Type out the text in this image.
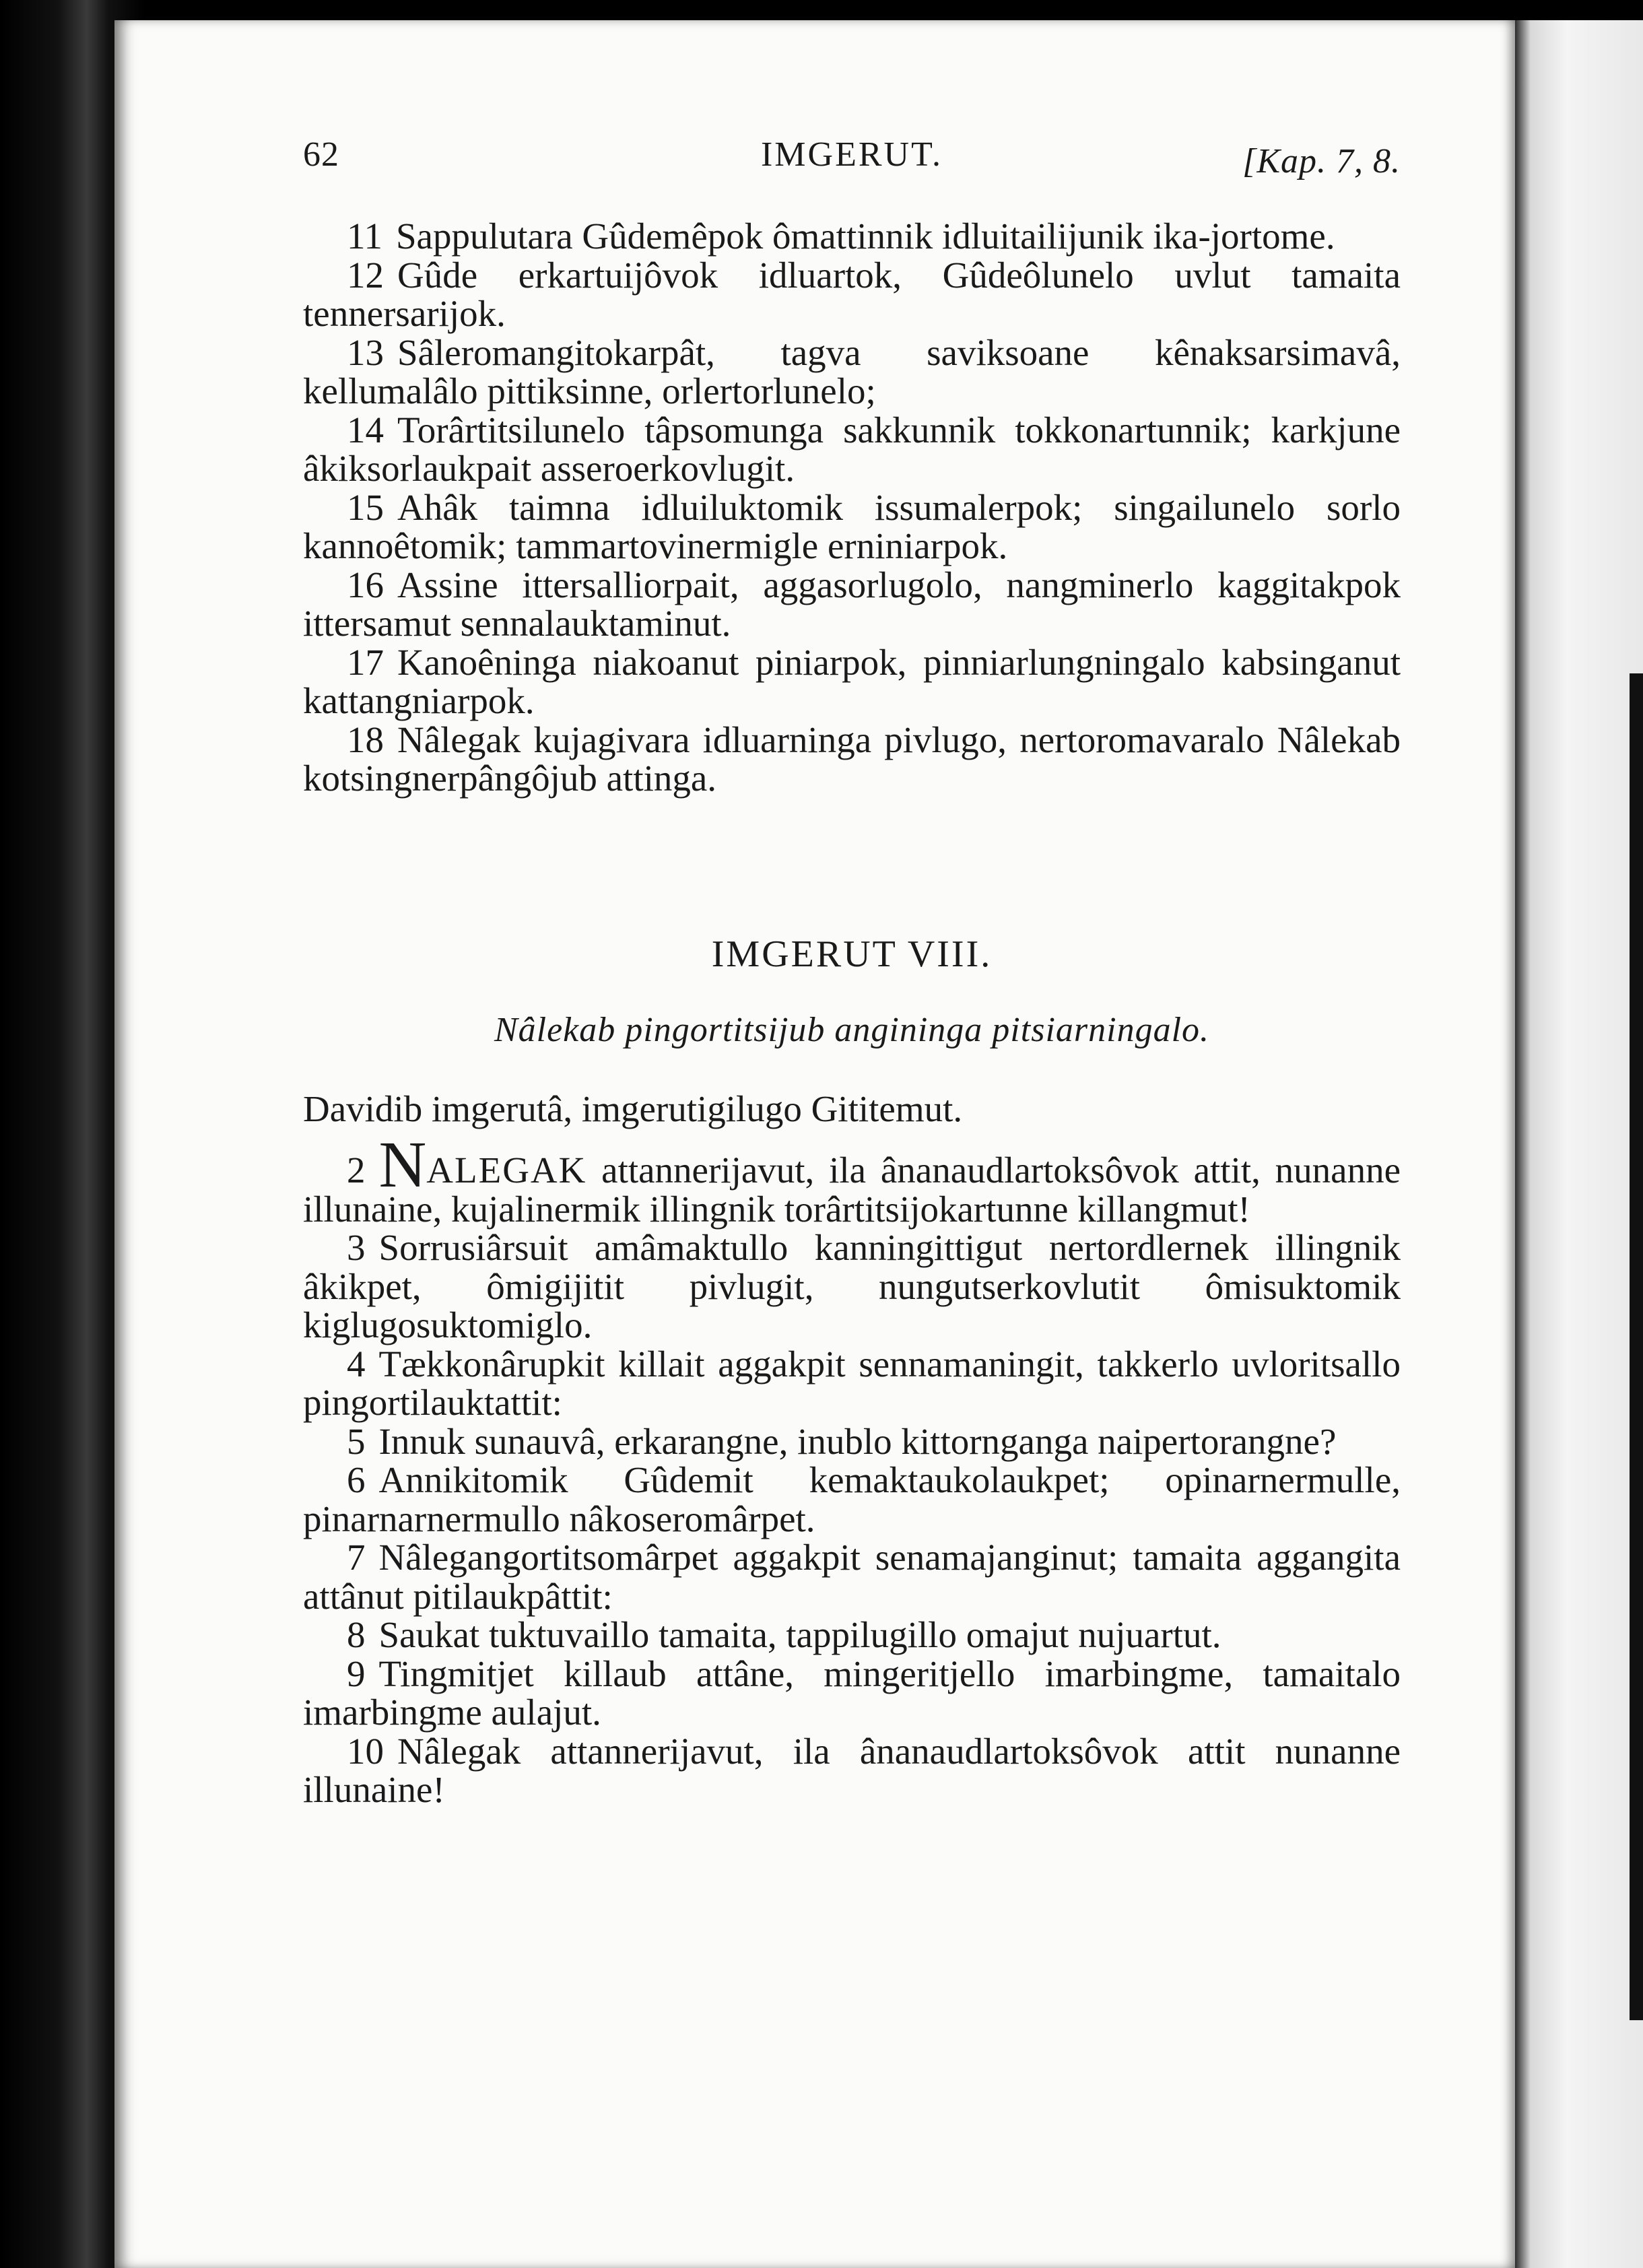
62	IMGERUT.	[Kap. 7, 8.

11 Sappulutara Gûdemêpok ômattinnik idluitailijunik ika-jortome.

12 Gûde erkartuijôvok idluartok, Gûdeôlunelo uvlut tamaita tennersarijok.

13 Sâleromangitokarpât, tagva saviksoane kênaksarsimavâ, kellumalâlo pittiksinne, orlertorlunelo;

14 Torârtitsilunelo tâpsomunga sakkunnik tokkonartunnik; karkjune âkiksorlaukpait asseroerkovlugit.

15 Ahâk taimna idluiluktomik issumalerpok; singailunelo sorlo kannoêtomik; tammartovinermigle erniniarpok.

16 Assine ittersalliorpait, aggasorlugolo, nangminerlo kaggitakpok ittersamut sennalauktaminut.

17 Kanoêninga niakoanut piniarpok, pinniarlungningalo kabsinganut kattangniarpok.

18 Nâlegak kujagivara idluarninga pivlugo, nertoromavaralo Nâlekab kotsingnerpângôjub attinga.

IMGERUT VIII.
Nâlekab pingortitsijub angininga pitsiarningalo.
Davidib imgerutâ, imgerutigilugo Gititemut.

2 NALEGAK attannerijavut, ila ânanaudlartoksôvok attit, nunanne illunaine, kujalinermik illingnik torârtitsijokartunne killangmut!

3 Sorrusiârsuit amâmaktullo kanningittigut nertordlernek illingnik âkikpet, ômigijitit pivlugit, nungutserkovlutit ômisuktomik kiglugosuktomiglo.

4 Tækkonârupkit killait aggakpit sennamaningit, takkerlo uvloritsallo pingortilauktattit:

5 Innuk sunauvâ, erkarangne, inublo kittornganga naipertorangne?

6 Annikitomik Gûdemit kemaktaukolaukpet; opinarnermulle, pinarnarnermullo nâkoseromârpet.

7 Nâlegangortitsomârpet aggakpit senamajanginut; tamaita aggangita attânut pitilaukpâttit:

8 Saukat tuktuvaillo tamaita, tappilugillo omajut nujuartut.

9 Tingmitjet killaub attâne, mingeritjello imarbingme, tamaitalo imarbingme aulajut.

10 Nâlegak attannerijavut, ila ânanaudlartoksôvok attit nunanne illunaine!
